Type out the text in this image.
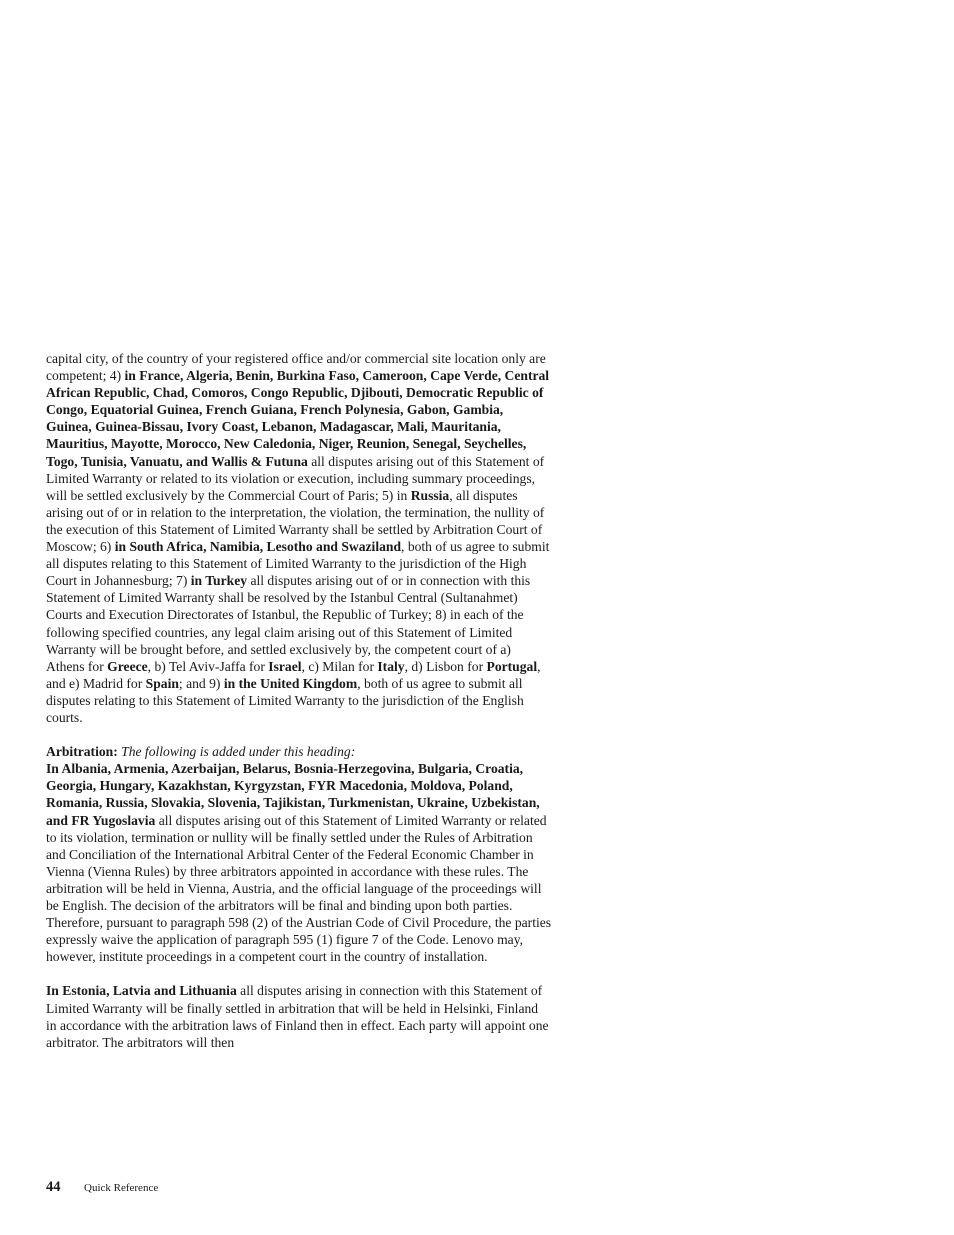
capital city, of the country of your registered office and/or commercial site location only are competent; 4) in France, Algeria, Benin, Burkina Faso, Cameroon, Cape Verde, Central African Republic, Chad, Comoros, Congo Republic, Djibouti, Democratic Republic of Congo, Equatorial Guinea, French Guiana, French Polynesia, Gabon, Gambia, Guinea, Guinea-Bissau, Ivory Coast, Lebanon, Madagascar, Mali, Mauritania, Mauritius, Mayotte, Morocco, New Caledonia, Niger, Reunion, Senegal, Seychelles, Togo, Tunisia, Vanuatu, and Wallis & Futuna all disputes arising out of this Statement of Limited Warranty or related to its violation or execution, including summary proceedings, will be settled exclusively by the Commercial Court of Paris; 5) in Russia, all disputes arising out of or in relation to the interpretation, the violation, the termination, the nullity of the execution of this Statement of Limited Warranty shall be settled by Arbitration Court of Moscow; 6) in South Africa, Namibia, Lesotho and Swaziland, both of us agree to submit all disputes relating to this Statement of Limited Warranty to the jurisdiction of the High Court in Johannesburg; 7) in Turkey all disputes arising out of or in connection with this Statement of Limited Warranty shall be resolved by the Istanbul Central (Sultanahmet) Courts and Execution Directorates of Istanbul, the Republic of Turkey; 8) in each of the following specified countries, any legal claim arising out of this Statement of Limited Warranty will be brought before, and settled exclusively by, the competent court of a) Athens for Greece, b) Tel Aviv-Jaffa for Israel, c) Milan for Italy, d) Lisbon for Portugal, and e) Madrid for Spain; and 9) in the United Kingdom, both of us agree to submit all disputes relating to this Statement of Limited Warranty to the jurisdiction of the English courts.

Arbitration: The following is added under this heading:
In Albania, Armenia, Azerbaijan, Belarus, Bosnia-Herzegovina, Bulgaria, Croatia, Georgia, Hungary, Kazakhstan, Kyrgyzstan, FYR Macedonia, Moldova, Poland, Romania, Russia, Slovakia, Slovenia, Tajikistan, Turkmenistan, Ukraine, Uzbekistan, and FR Yugoslavia all disputes arising out of this Statement of Limited Warranty or related to its violation, termination or nullity will be finally settled under the Rules of Arbitration and Conciliation of the International Arbitral Center of the Federal Economic Chamber in Vienna (Vienna Rules) by three arbitrators appointed in accordance with these rules. The arbitration will be held in Vienna, Austria, and the official language of the proceedings will be English. The decision of the arbitrators will be final and binding upon both parties. Therefore, pursuant to paragraph 598 (2) of the Austrian Code of Civil Procedure, the parties expressly waive the application of paragraph 595 (1) figure 7 of the Code. Lenovo may, however, institute proceedings in a competent court in the country of installation.

In Estonia, Latvia and Lithuania all disputes arising in connection with this Statement of Limited Warranty will be finally settled in arbitration that will be held in Helsinki, Finland in accordance with the arbitration laws of Finland then in effect. Each party will appoint one arbitrator. The arbitrators will then

44 Quick Reference
